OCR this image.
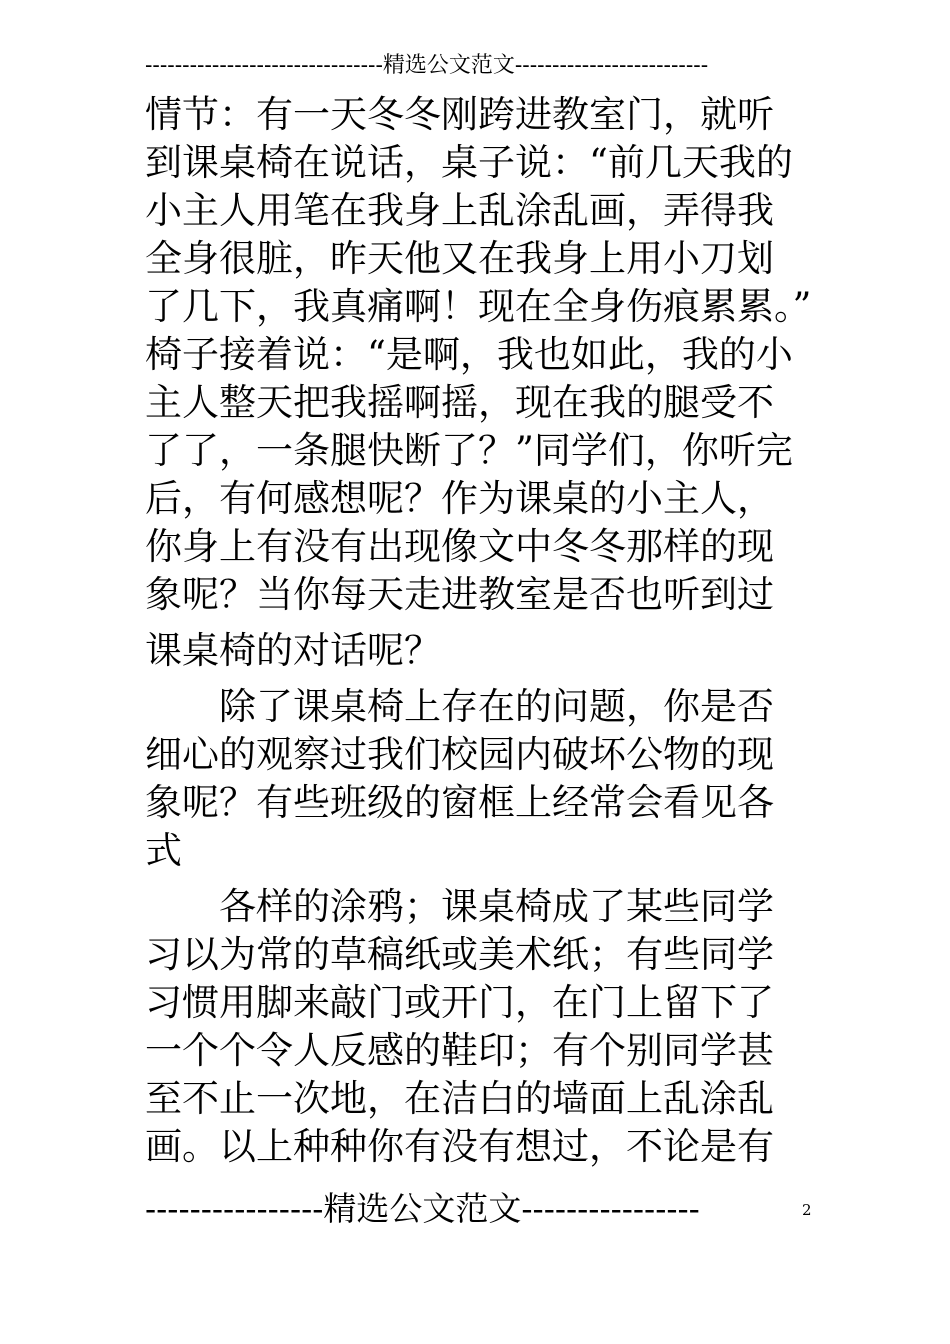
--------------------------------精选公文范文--------------------------
情节：有一天冬冬刚跨进教室门，就听
到课桌椅在说话，桌子说：“前几天我的
小主人用笔在我身上乱涂乱画，弄得我
全身很脏，昨天他又在我身上用小刀划
了几下，我真痛啊！现在全身伤痕累累。”
椅子接着说：“是啊，我也如此，我的小
主人整天把我摇啊摇，现在我的腿受不
了了，一条腿快断了？”同学们，你听完
后，有何感想呢？作为课桌的小主人，
你身上有没有出现像文中冬冬那样的现
象呢？当你每天走进教室是否也听到过
课桌椅的对话呢？
　　除了课桌椅上存在的问题，你是否
细心的观察过我们校园内破坏公物的现
象呢？有些班级的窗框上经常会看见各
式
　　各样的涂鸦；课桌椅成了某些同学
习以为常的草稿纸或美术纸；有些同学
习惯用脚来敲门或开门，在门上留下了
一个个令人反感的鞋印；有个别同学甚
至不止一次地，在洁白的墙面上乱涂乱
画。以上种种你有没有想过，不论是有
----------------精选公文范文----------------	2
